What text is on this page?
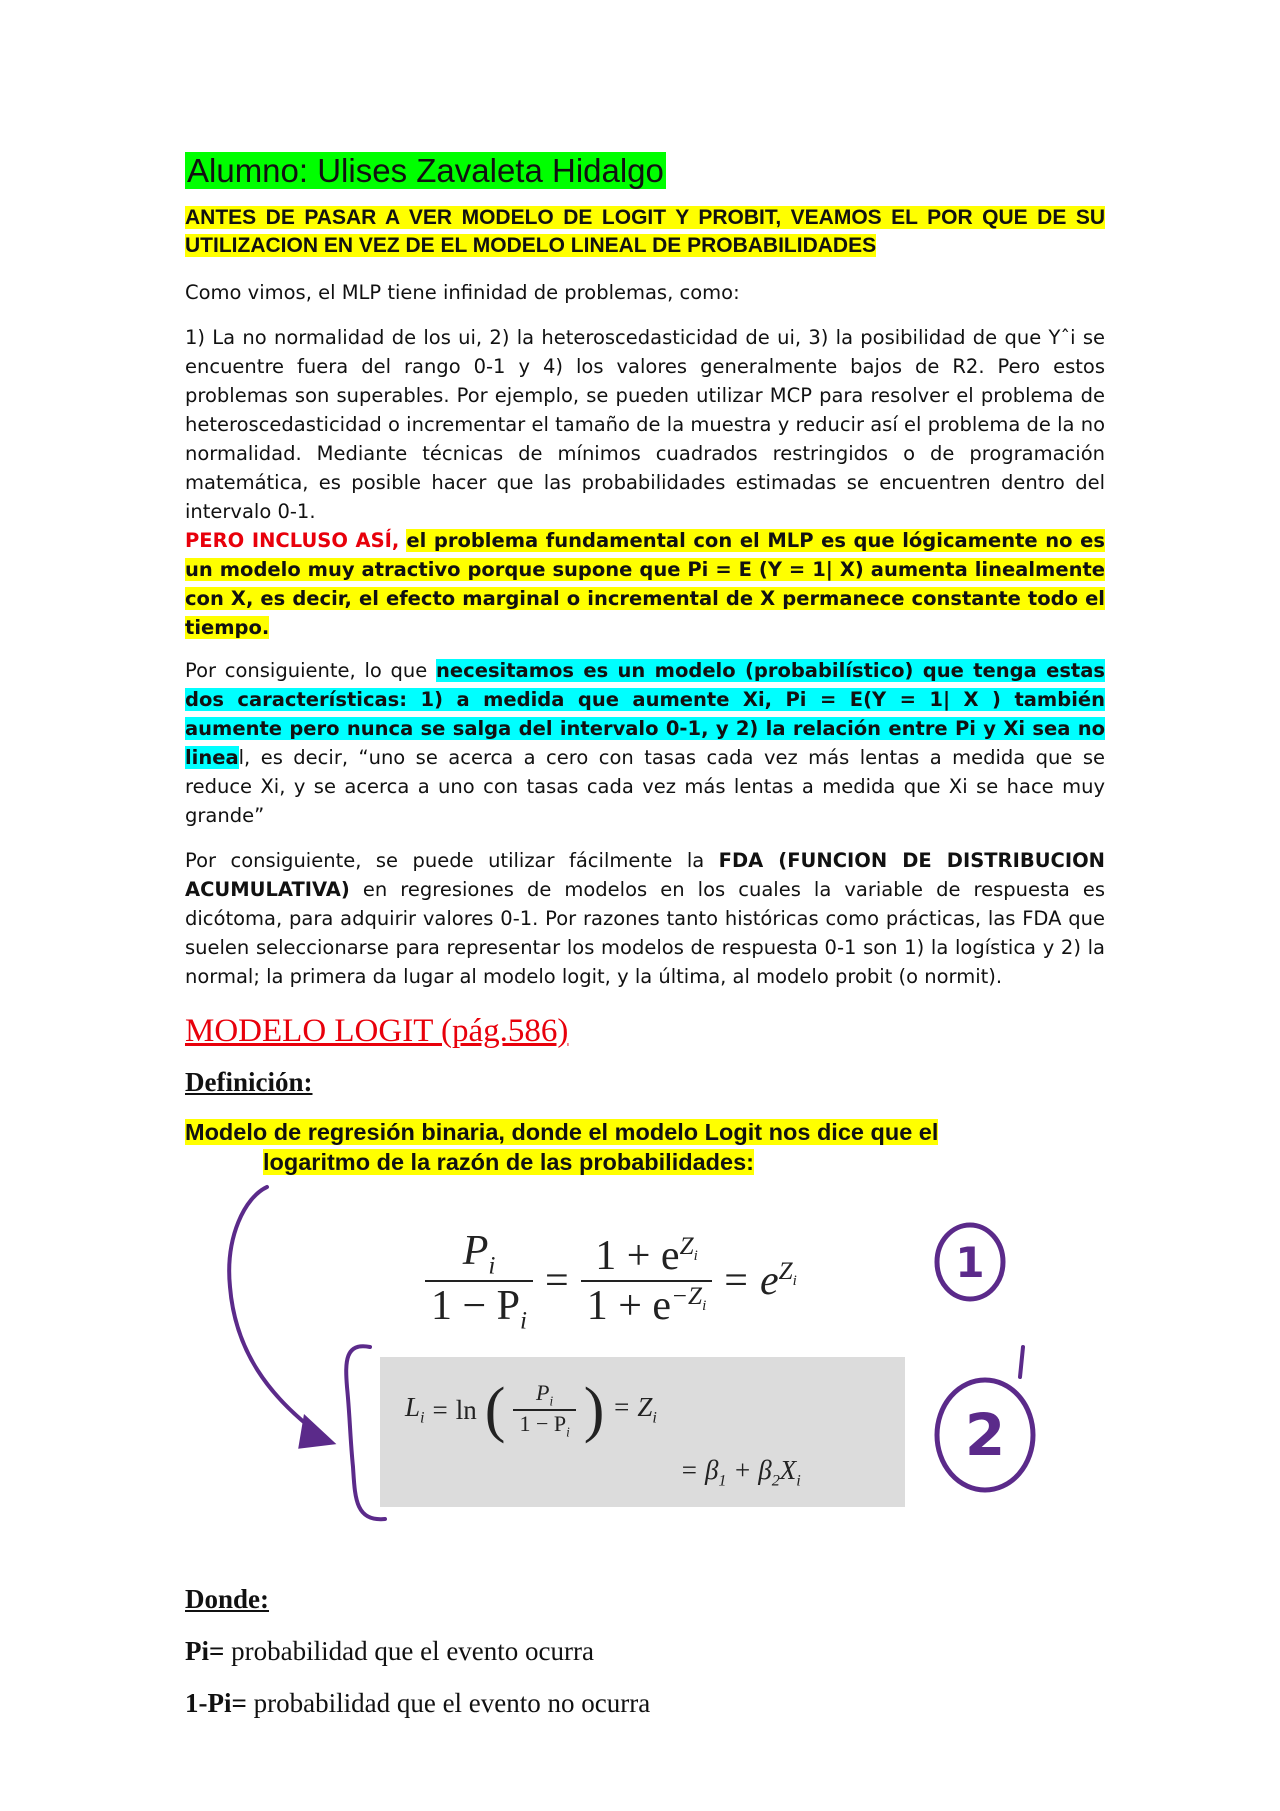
Alumno: Ulises Zavaleta Hidalgo
ANTES DE PASAR A VER MODELO DE LOGIT Y PROBIT, VEAMOS EL POR QUE DE SU UTILIZACION EN VEZ DE EL MODELO LINEAL DE PROBABILIDADES

Como vimos, el MLP tiene infinidad de problemas, como:

1) La no normalidad de los ui, 2) la heteroscedasticidad de ui, 3) la posibilidad de que Yˆi se encuentre fuera del rango 0-1 y 4) los valores generalmente bajos de R2. Pero estos problemas son superables. Por ejemplo, se pueden utilizar MCP para resolver el problema de heteroscedasticidad o incrementar el tamaño de la muestra y reducir así el problema de la no normalidad. Mediante técnicas de mínimos cuadrados restringidos o de programación matemática, es posible hacer que las probabilidades estimadas se encuentren dentro del intervalo 0-1.
PERO INCLUSO ASÍ, el problema fundamental con el MLP es que lógicamente no es un modelo muy atractivo porque supone que Pi = E (Y = 1| X) aumenta linealmente con X, es decir, el efecto marginal o incremental de X permanece constante todo el tiempo.

Por consiguiente, lo que necesitamos es un modelo (probabilístico) que tenga estas dos características: 1) a medida que aumente Xi, Pi = E(Y = 1| X ) también aumente pero nunca se salga del intervalo 0-1, y 2) la relación entre Pi y Xi sea no lineal, es decir, “uno se acerca a cero con tasas cada vez más lentas a medida que se reduce Xi, y se acerca a uno con tasas cada vez más lentas a medida que Xi se hace muy grande”

Por consiguiente, se puede utilizar fácilmente la FDA (FUNCION DE DISTRIBUCION ACUMULATIVA) en regresiones de modelos en los cuales la variable de respuesta es dicótoma, para adquirir valores 0-1. Por razones tanto históricas como prácticas, las FDA que suelen seleccionarse para representar los modelos de respuesta 0-1 son 1) la logística y 2) la normal; la primera da lugar al modelo logit, y la última, al modelo probit (o normit).

MODELO LOGIT (pág.586)
Definición:
Modelo de regresión binaria, donde el modelo Logit nos dice que el
logaritmo de la razón de las probabilidades:
$\frac{P_i}{1 - P_i} = \frac{1 + e^{Z_i}}{1 + e^{-Z_i}} = e^{Z_i}$
$L_i = \ln$ ( $\frac{P_i}{1 - P_i}$ ) = $Z_i$
= $\beta_1 + \beta_2X_i$
1
2
Donde:
Pi= probabilidad que el evento ocurra
1-Pi= probabilidad que el evento no ocurra
